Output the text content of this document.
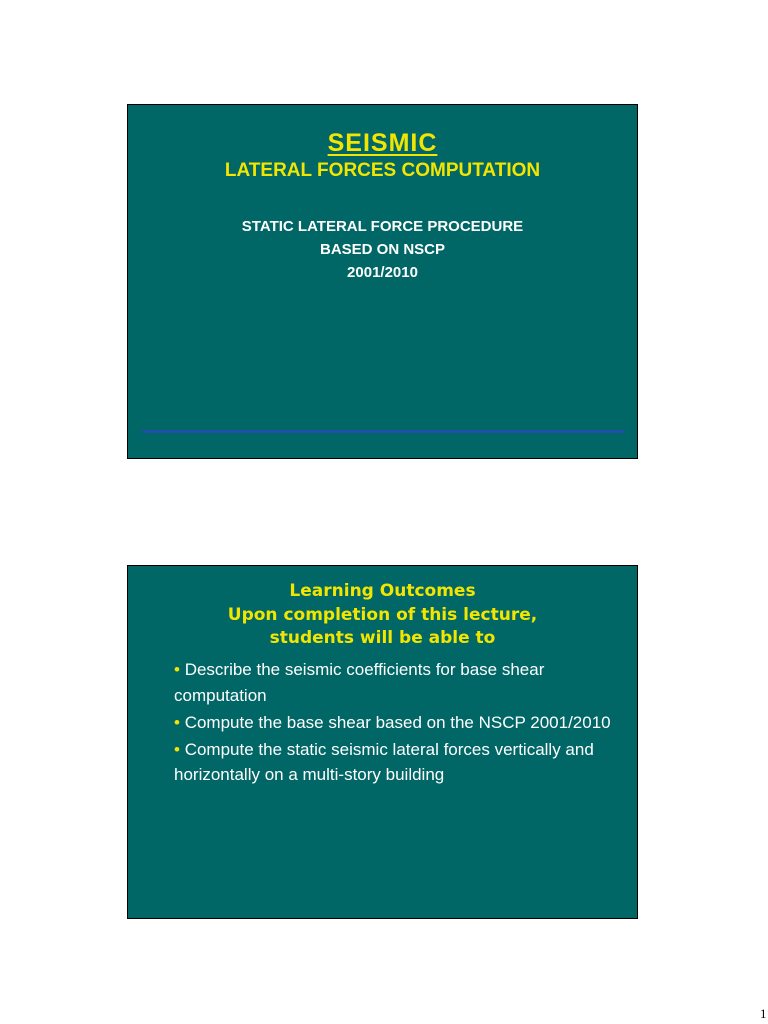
SEISMIC
LATERAL FORCES COMPUTATION
STATIC LATERAL FORCE PROCEDURE
BASED ON NSCP
2001/2010
Learning Outcomes
Upon completion of this lecture,
students will be able to
• Describe the seismic coefficients for base shear computation
• Compute the base shear based on the NSCP 2001/2010
• Compute the static seismic lateral forces vertically and horizontally on a multi-story building
1
